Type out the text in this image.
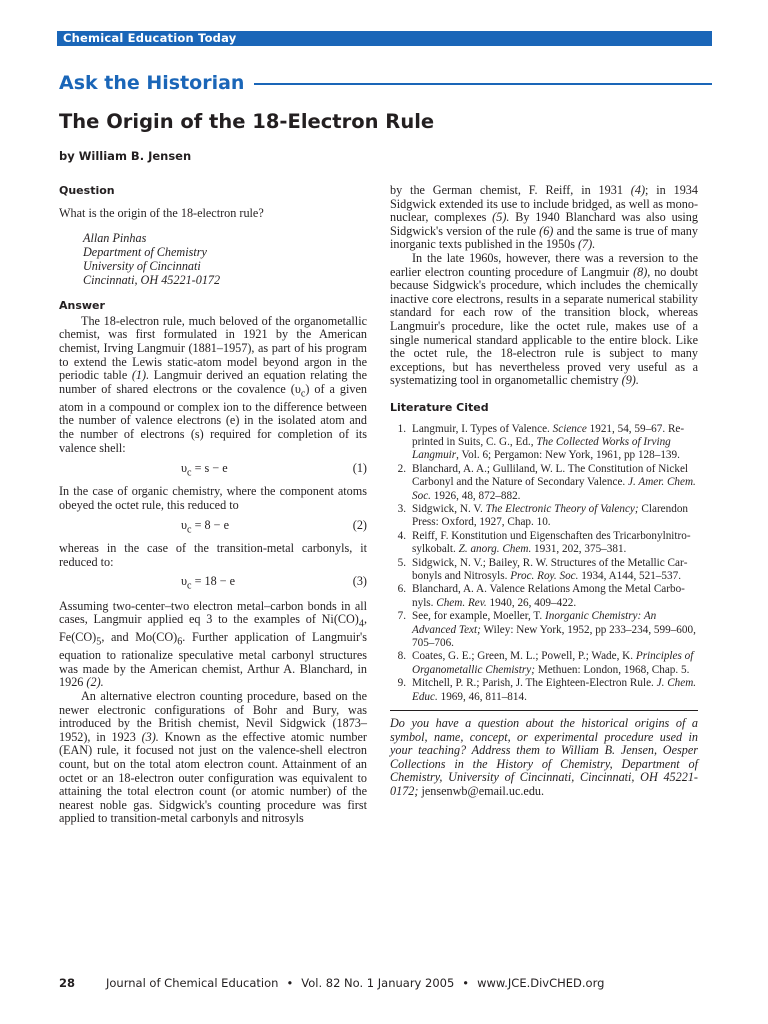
Chemical Education Today
Ask the Historian
The Origin of the 18-Electron Rule
by William B. Jensen
Question

What is the origin of the 18-electron rule?

Allan Pinhas
Department of Chemistry
University of Cincinnati
Cincinnati, OH 45221-0172
Answer

The 18-electron rule, much beloved of the organometallic chemist, was first formulated in 1921 by the American chemist, Irving Langmuir (1881–1957), as part of his program to extend the Lewis static-atom model beyond argon in the periodic table (1). Langmuir derived an equation relating the number of shared electrons or the covalence $(\upsilon_c)$ of a given atom in a compound or complex ion to the difference between the number of valence electrons (e) in the isolated atom and the number of electrons (s) required for completion of its valence shell:

$\upsilon_c = s - e$	(1)

In the case of organic chemistry, where the component atoms obeyed the octet rule, this reduced to

$\upsilon_c = 8 - e$	(2)

whereas in the case of the transition-metal carbonyls, it reduced to:

$\upsilon_c = 18 - e$	(3)

Assuming two-center–two electron metal–carbon bonds in all cases, Langmuir applied eq 3 to the examples of $Ni(CO)_4$, $Fe(CO)_5$, and $Mo(CO)_6$. Further application of Langmuir's equation to rationalize speculative metal carbonyl structures was made by the American chemist, Arthur A. Blanchard, in 1926 (2).

An alternative electron counting procedure, based on the newer electronic configurations of Bohr and Bury, was introduced by the British chemist, Nevil Sidgwick (1873–1952), in 1923 (3). Known as the effective atomic number (EAN) rule, it focused not just on the valence-shell electron count, but on the total atom electron count. Attainment of an octet or an 18-electron outer configuration was equivalent to attaining the total electron count (or atomic number) of the nearest noble gas. Sidgwick's counting procedure was first applied to transition-metal carbonyls and nitrosyls

by the German chemist, F. Reiff, in 1931 (4); in 1934 Sidgwick extended its use to include bridged, as well as mononuclear, complexes (5). By 1940 Blanchard was also using Sidgwick's version of the rule (6) and the same is true of many inorganic texts published in the 1950s (7).

In the late 1960s, however, there was a reversion to the earlier electron counting procedure of Langmuir (8), no doubt because Sidgwick's procedure, which includes the chemically inactive core electrons, results in a separate numerical stability standard for each row of the transition block, whereas Langmuir's procedure, like the octet rule, makes use of a single numerical standard applicable to the entire block. Like the octet rule, the 18-electron rule is subject to many exceptions, but has nevertheless proved very useful as a systematizing tool in organometallic chemistry (9).

Literature Cited
1. Langmuir, I. Types of Valence. Science 1921, 54, 59–67. Reprinted in Suits, C. G., Ed., The Collected Works of Irving Langmuir, Vol. 6; Pergamon: New York, 1961, pp 128–139.
2. Blanchard, A. A.; Gulliland, W. L. The Constitution of Nickel Carbonyl and the Nature of Secondary Valence. J. Amer. Chem. Soc. 1926, 48, 872–882.
3. Sidgwick, N. V. The Electronic Theory of Valency; Clarendon Press: Oxford, 1927, Chap. 10.
4. Reiff, F. Konstitution und Eigenschaften des Tricarbonylnitrosylkobalt. Z. anorg. Chem. 1931, 202, 375–381.
5. Sidgwick, N. V.; Bailey, R. W. Structures of the Metallic Carbonyls and Nitrosyls. Proc. Roy. Soc. 1934, A144, 521–537.
6. Blanchard, A. A. Valence Relations Among the Metal Carbonyls. Chem. Rev. 1940, 26, 409–422.
7. See, for example, Moeller, T. Inorganic Chemistry: An Advanced Text; Wiley: New York, 1952, pp 233–234, 599–600, 705–706.
8. Coates, G. E.; Green, M. L.; Powell, P.; Wade, K. Principles of Organometallic Chemistry; Methuen: London, 1968, Chap. 5.
9. Mitchell, P. R.; Parish, J. The Eighteen-Electron Rule. J. Chem. Educ. 1969, 46, 811–814.

Do you have a question about the historical origins of a symbol, name, concept, or experimental procedure used in your teaching? Address them to William B. Jensen, Oesper Collections in the History of Chemistry, Department of Chemistry, University of Cincinnati, Cincinnati, OH 45221-0172; jensenwb@email.uc.edu.

28	Journal of Chemical Education • Vol. 82 No. 1 January 2005 • www.JCE.DivCHED.org
